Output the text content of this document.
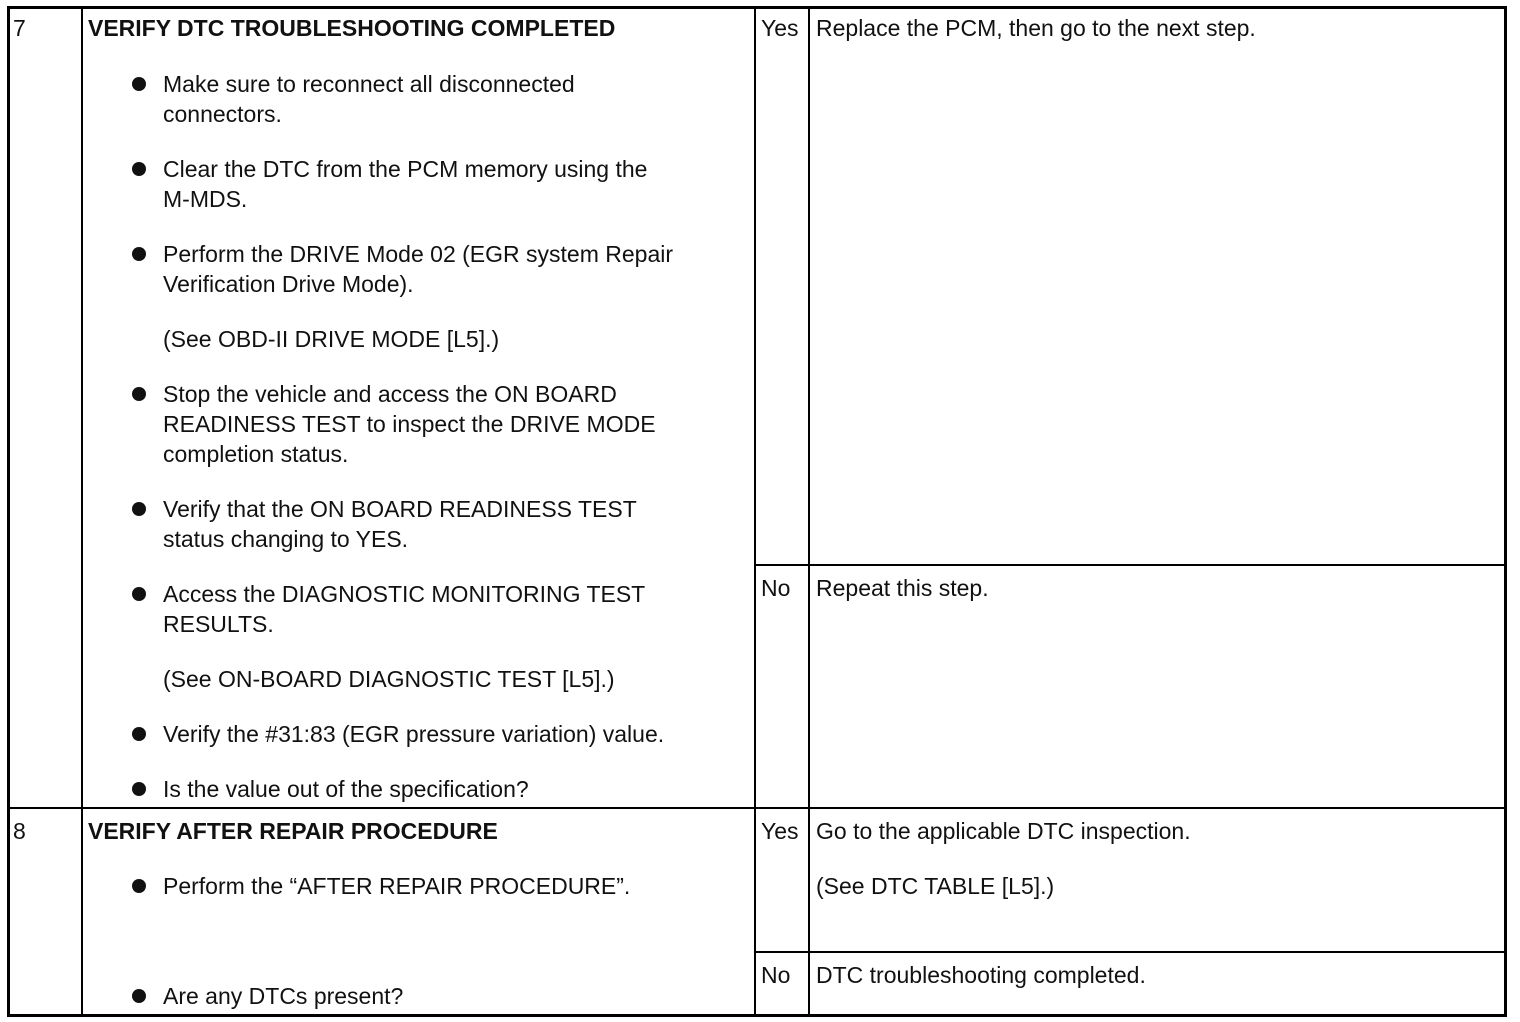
7	VERIFY DTC TROUBLESHOOTING COMPLETED
Make sure to reconnect all disconnected
connectors.
Clear the DTC from the PCM memory using the
M-MDS.
Perform the DRIVE Mode 02 (EGR system Repair
Verification Drive Mode).
(See OBD-II DRIVE MODE [L5].)
Stop the vehicle and access the ON BOARD
READINESS TEST to inspect the DRIVE MODE
completion status.
Verify that the ON BOARD READINESS TEST
status changing to YES.
Access the DIAGNOSTIC MONITORING TEST
RESULTS.
(See ON-BOARD DIAGNOSTIC TEST [L5].)
Verify the #31:83 (EGR pressure variation) value.
Is the value out of the specification?
Yes Replace the PCM, then go to the next step.
No Repeat this step.
8	VERIFY AFTER REPAIR PROCEDURE
Perform the “AFTER REPAIR PROCEDURE”.
Are any DTCs present?
Yes Go to the applicable DTC inspection.
(See DTC TABLE [L5].)
No DTC troubleshooting completed.
